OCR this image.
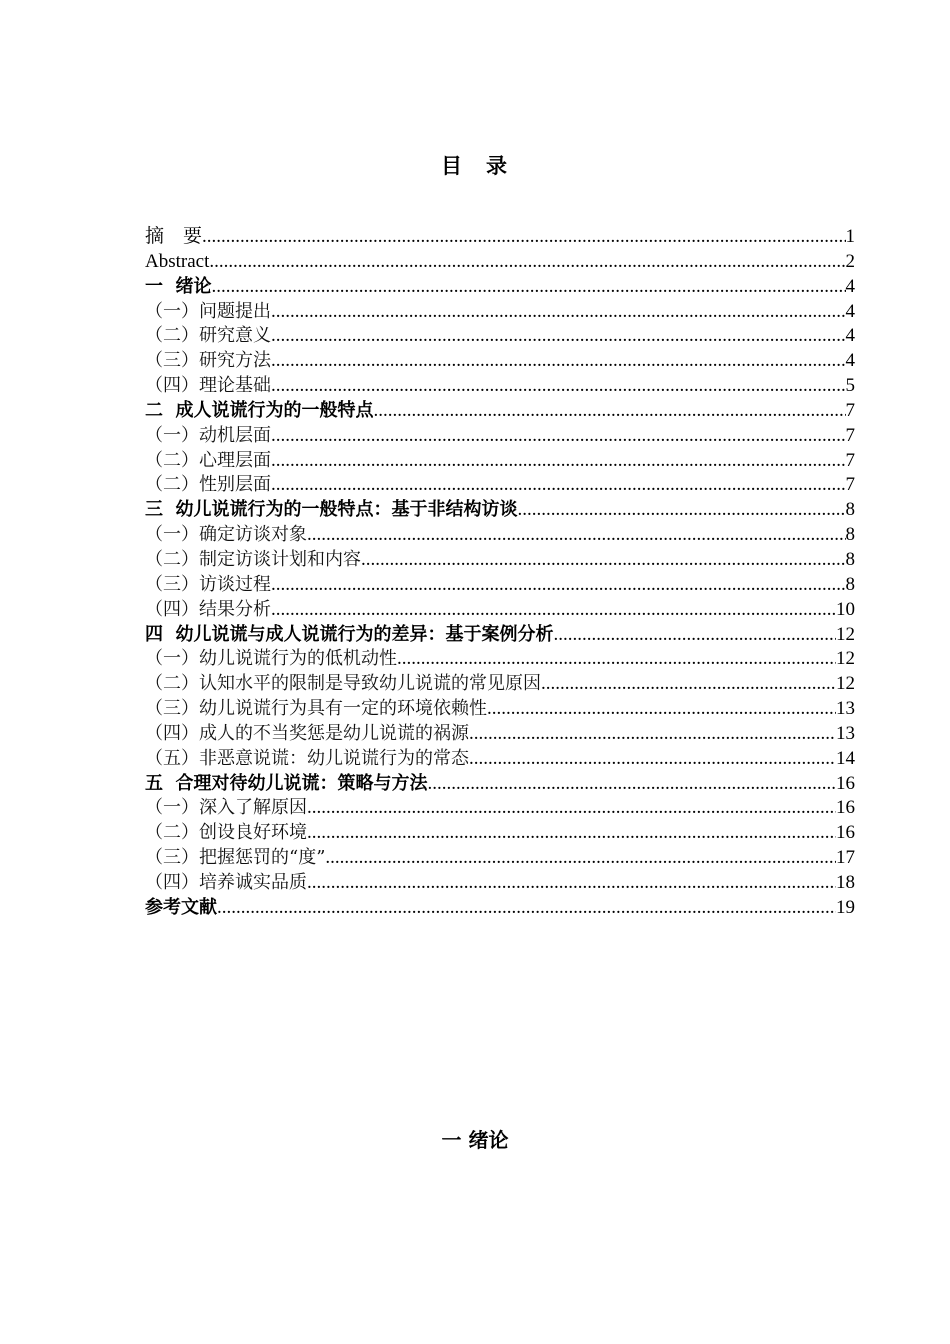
目 录
摘    要 .....	1
Abstract .....	2
一  绪论 .....	4
（一）问题提出 .....	4
（二）研究意义 .....	4
（三）研究方法 .....	4
（四）理论基础 .....	5
二  成人说谎行为的一般特点 .....	7
（一）动机层面 .....	7
（二）心理层面 .....	7
（二）性别层面 .....	7
三  幼儿说谎行为的一般特点：基于非结构访谈 .....	8
（一）确定访谈对象 .....	8
（二）制定访谈计划和内容 .....	8
（三）访谈过程 .....	8
（四）结果分析 .....	10
四  幼儿说谎与成人说谎行为的差异：基于案例分析 .....	12
（一）幼儿说谎行为的低机动性 .....	12
（二）认知水平的限制是导致幼儿说谎的常见原因 .....	12
（三）幼儿说谎行为具有一定的环境依赖性 .....	13
（四）成人的不当奖惩是幼儿说谎的祸源 .....	13
（五）非恶意说谎：幼儿说谎行为的常态 .....	14
五  合理对待幼儿说谎：策略与方法 .....	16
（一）深入了解原因 .....	16
（二）创设良好环境 .....	16
（三）把握惩罚的“度” .....	17
（四）培养诚实品质 .....	18
参考文献 .....	19
一 绪论
